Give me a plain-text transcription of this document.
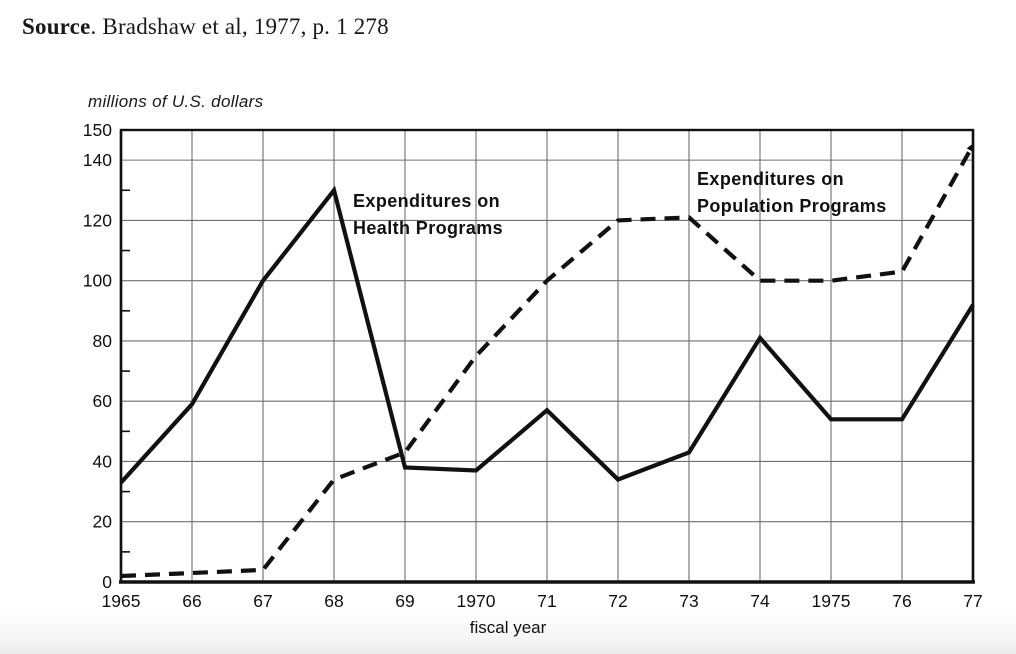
Source. Bradshaw et al, 1977, p. 1 278
millions of U.S. dollars
150
140
120
100
80
60
40
20
0
1965 66	67	68	69 1970 71	72	73	74 1975 76	77
Expenditures on
Health Programs
Expenditures on
Population Programs
fiscal year
